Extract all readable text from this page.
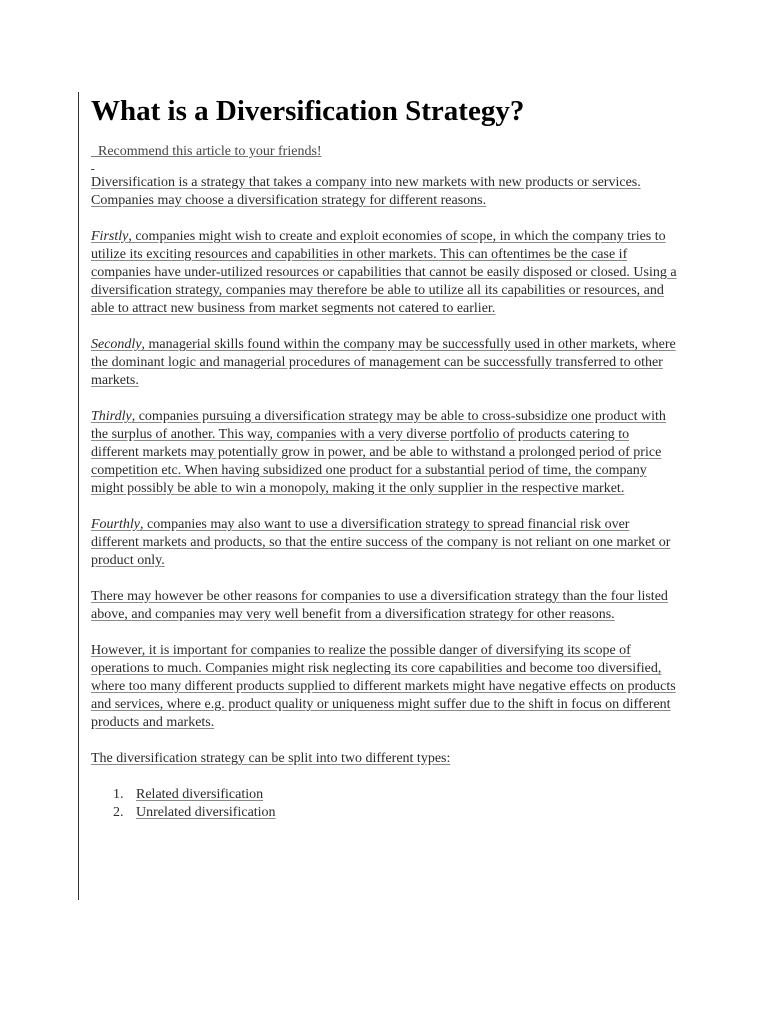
What is a Diversification Strategy?
Recommend this article to your friends!

Diversification is a strategy that takes a company into new markets with new products or services. Companies may choose a diversification strategy for different reasons.

Firstly, companies might wish to create and exploit economies of scope, in which the company tries to utilize its exciting resources and capabilities in other markets. This can oftentimes be the case if companies have under-utilized resources or capabilities that cannot be easily disposed or closed. Using a diversification strategy, companies may therefore be able to utilize all its capabilities or resources, and able to attract new business from market segments not catered to earlier.

Secondly, managerial skills found within the company may be successfully used in other markets, where the dominant logic and managerial procedures of management can be successfully transferred to other markets.

Thirdly, companies pursuing a diversification strategy may be able to cross-subsidize one product with the surplus of another. This way, companies with a very diverse portfolio of products catering to different markets may potentially grow in power, and be able to withstand a prolonged period of price competition etc. When having subsidized one product for a substantial period of time, the company might possibly be able to win a monopoly, making it the only supplier in the respective market.

Fourthly, companies may also want to use a diversification strategy to spread financial risk over different markets and products, so that the entire success of the company is not reliant on one market or product only.

There may however be other reasons for companies to use a diversification strategy than the four listed above, and companies may very well benefit from a diversification strategy for other reasons.

However, it is important for companies to realize the possible danger of diversifying its scope of operations to much. Companies might risk neglecting its core capabilities and become too diversified, where too many different products supplied to different markets might have negative effects on products and services, where e.g. product quality or uniqueness might suffer due to the shift in focus on different products and markets.

The diversification strategy can be split into two different types:

1. Related diversification
2. Unrelated diversification
